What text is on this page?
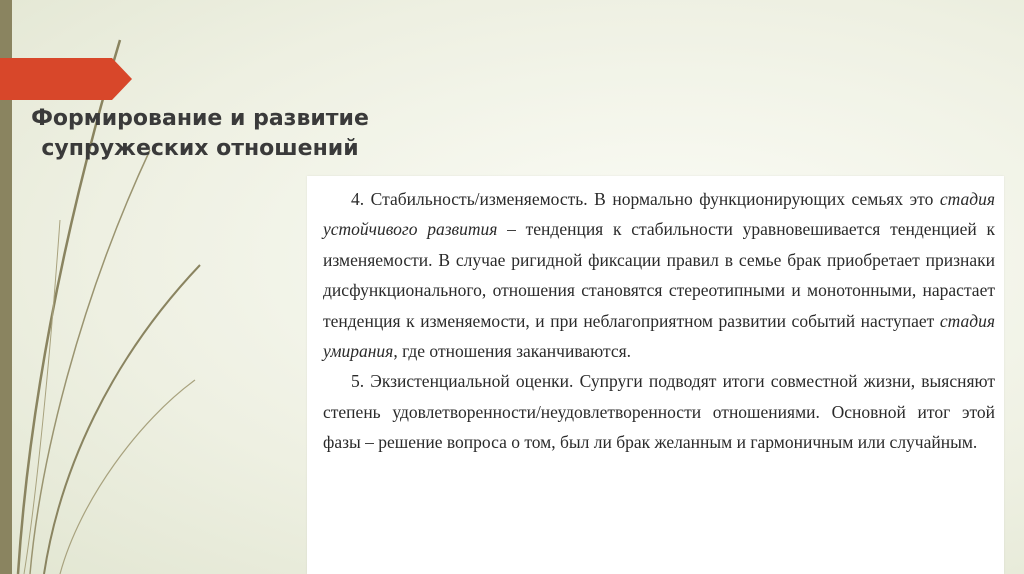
Формирование и развитие супружеских отношений

4. Стабильность/изменяемость. В нормально функционирующих семьях это стадия устойчивого развития – тенденция к стабильности уравновешивается тенденцией к изменяемости. В случае ригидной фиксации правил в семье брак приобретает признаки дисфункционального, отношения становятся стереотипными и монотонными, нарастает тенденция к изменяемости, и при неблагоприятном развитии событий наступает стадия умирания, где отношения заканчиваются.

5. Экзистенциальной оценки. Супруги подводят итоги совместной жизни, выясняют степень удовлетворенности/неудовлетворенности отношениями. Основной итог этой фазы – решение вопроса о том, был ли брак желанным и гармоничным или случайным.
